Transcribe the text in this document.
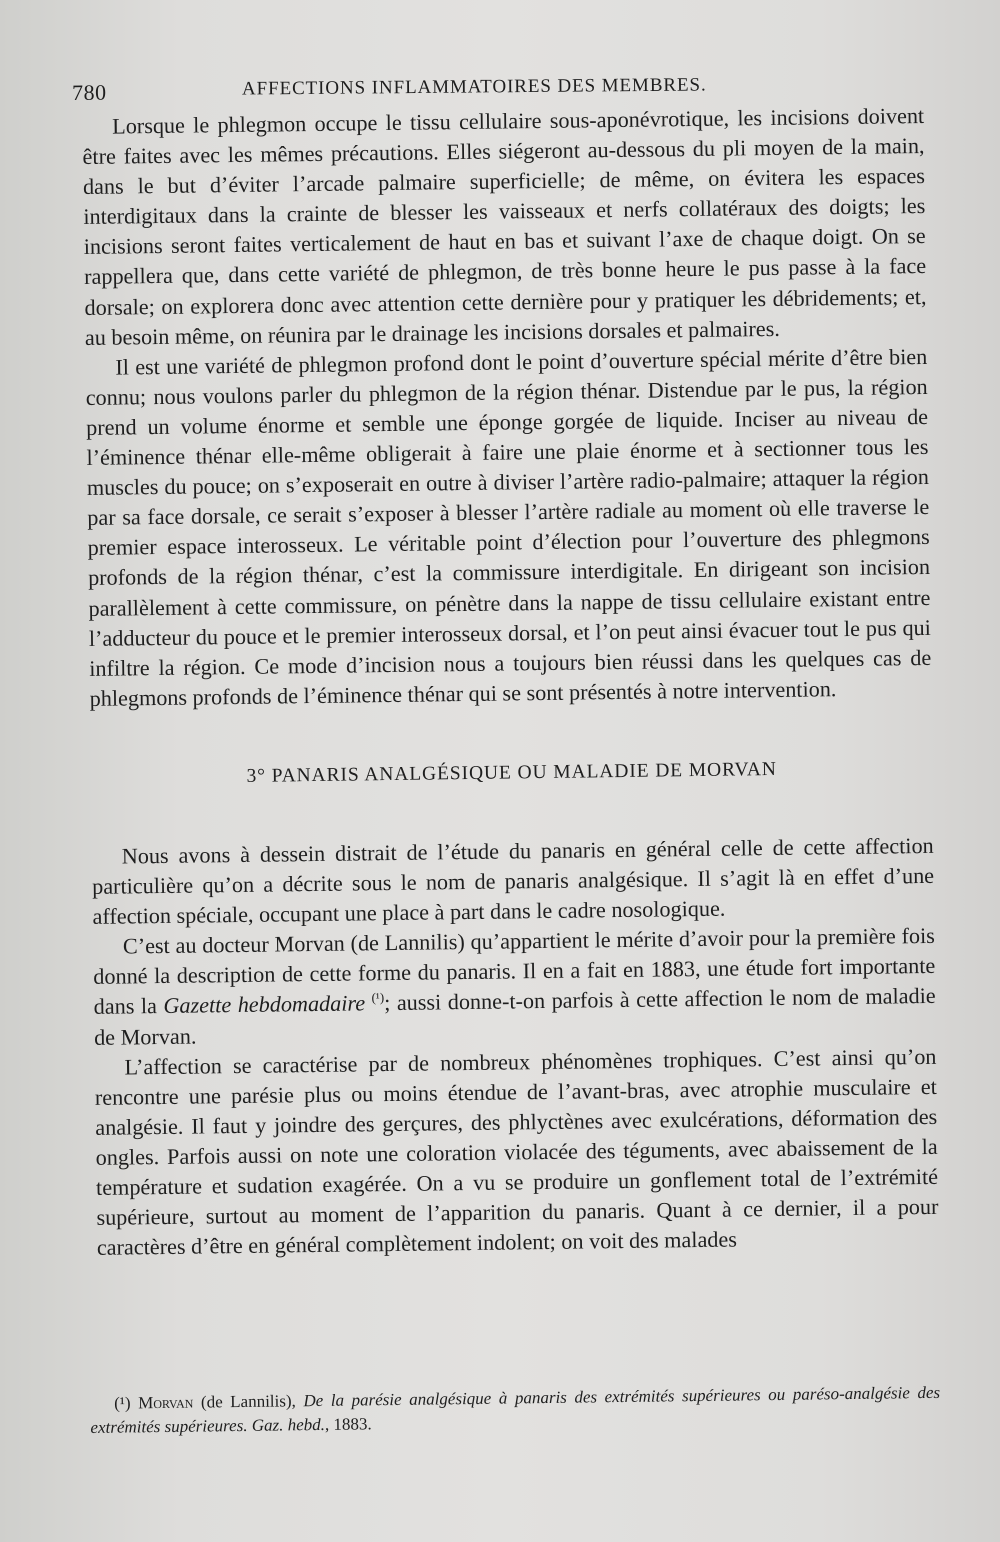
780	AFFECTIONS INFLAMMATOIRES DES MEMBRES.

Lorsque le phlegmon occupe le tissu cellulaire sous-aponévrotique, les incisions doivent être faites avec les mêmes précautions. Elles siégeront au-dessous du pli moyen de la main, dans le but d’éviter l’arcade palmaire superficielle; de même, on évitera les espaces interdigitaux dans la crainte de blesser les vaisseaux et nerfs collatéraux des doigts; les incisions seront faites verticalement de haut en bas et suivant l’axe de chaque doigt. On se rappellera que, dans cette variété de phlegmon, de très bonne heure le pus passe à la face dorsale; on explorera donc avec attention cette dernière pour y pratiquer les débridements; et, au besoin même, on réunira par le drainage les incisions dorsales et palmaires.

Il est une variété de phlegmon profond dont le point d’ouverture spécial mérite d’être bien connu; nous voulons parler du phlegmon de la région thénar. Distendue par le pus, la région prend un volume énorme et semble une éponge gorgée de liquide. Inciser au niveau de l’éminence thénar elle-même obligerait à faire une plaie énorme et à sectionner tous les muscles du pouce; on s’exposerait en outre à diviser l’artère radio-palmaire; attaquer la région par sa face dorsale, ce serait s’exposer à blesser l’artère radiale au moment où elle traverse le premier espace interosseux. Le véritable point d’élection pour l’ouverture des phlegmons profonds de la région thénar, c’est la commissure interdigitale. En dirigeant son incision parallèlement à cette commissure, on pénètre dans la nappe de tissu cellulaire existant entre l’adducteur du pouce et le premier interosseux dorsal, et l’on peut ainsi évacuer tout le pus qui infiltre la région. Ce mode d’incision nous a toujours bien réussi dans les quelques cas de phlegmons profonds de l’éminence thénar qui se sont présentés à notre intervention.

3° PANARIS ANALGÉSIQUE OU MALADIE DE MORVAN

Nous avons à dessein distrait de l’étude du panaris en général celle de cette affection particulière qu’on a décrite sous le nom de panaris analgésique. Il s’agit là en effet d’une affection spéciale, occupant une place à part dans le cadre nosologique.

C’est au docteur Morvan (de Lannilis) qu’appartient le mérite d’avoir pour la première fois donné la description de cette forme du panaris. Il en a fait en 1883, une étude fort importante dans la Gazette hebdomadaire $^{(^1)}$; aussi donne-t-on parfois à cette affection le nom de maladie de Morvan.

L’affection se caractérise par de nombreux phénomènes trophiques. C’est ainsi qu’on rencontre une parésie plus ou moins étendue de l’avant-bras, avec atrophie musculaire et analgésie. Il faut y joindre des gerçures, des phlyctènes avec exulcérations, déformation des ongles. Parfois aussi on note une coloration violacée des téguments, avec abaissement de la température et sudation exagérée. On a vu se produire un gonflement total de l’extrémité supérieure, surtout au moment de l’apparition du panaris. Quant à ce dernier, il a pour caractères d’être en général complètement indolent; on voit des malades

(¹) Morvan (de Lannilis), De la parésie analgésique à panaris des extrémités supérieures ou paréso-analgésie des extrémités supérieures. Gaz. hebd., 1883.
